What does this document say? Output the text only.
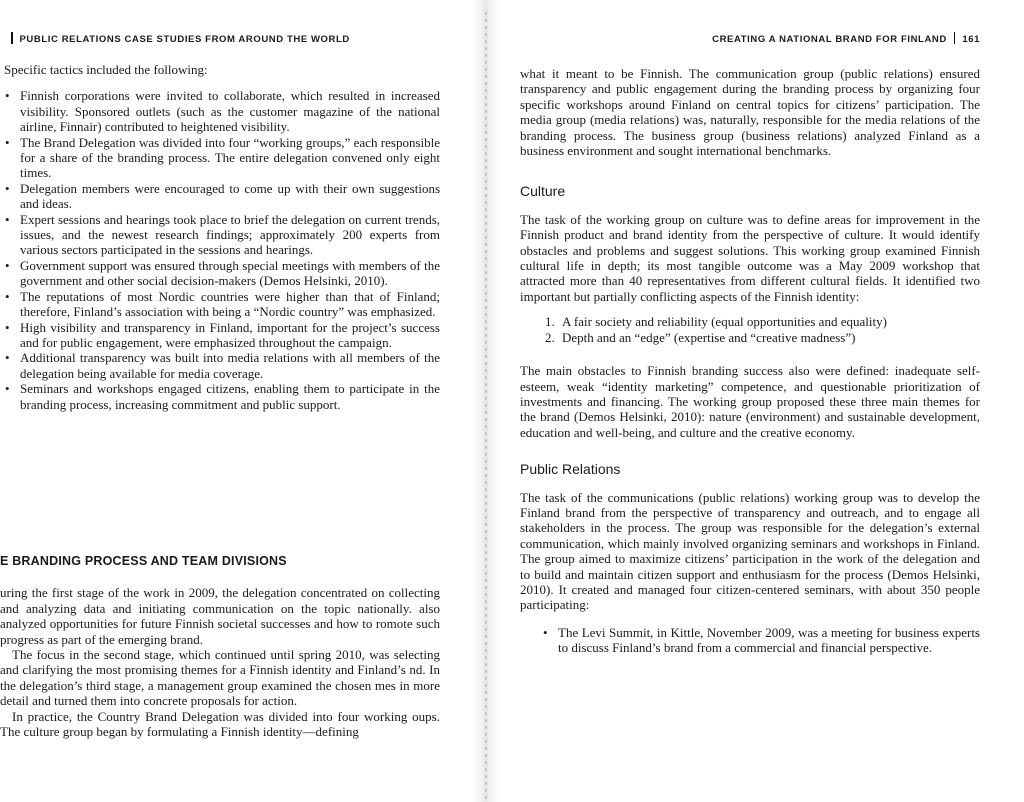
PUBLIC RELATIONS CASE STUDIES FROM AROUND THE WORLD

Specific tactics included the following:

• Finnish corporations were invited to collaborate, which resulted in increased visibility. Sponsored outlets (such as the customer magazine of the national airline, Finnair) contributed to heightened visibility.
• The Brand Delegation was divided into four “working groups,” each responsible for a share of the branding process. The entire delegation convened only eight times.
• Delegation members were encouraged to come up with their own suggestions and ideas.
• Expert sessions and hearings took place to brief the delegation on current trends, issues, and the newest research findings; approximately 200 experts from various sectors participated in the sessions and hearings.
• Government support was ensured through special meetings with members of the government and other social decision-makers (Demos Helsinki, 2010).
• The reputations of most Nordic countries were higher than that of Finland; therefore, Finland’s association with being a “Nordic country” was emphasized.
• High visibility and transparency in Finland, important for the project’s success and for public engagement, were emphasized throughout the campaign.
• Additional transparency was built into media relations with all members of the delegation being available for media coverage.
• Seminars and workshops engaged citizens, enabling them to participate in the branding process, increasing commitment and public support.
E BRANDING PROCESS AND TEAM DIVISIONS

uring the first stage of the work in 2009, the delegation concentrated on collecting and analyzing data and initiating communication on the topic nationally. also analyzed opportunities for future Finnish societal successes and how to romote such progress as part of the emerging brand.

The focus in the second stage, which continued until spring 2010, was selecting and clarifying the most promising themes for a Finnish identity and Finland’s nd. In the delegation’s third stage, a management group examined the chosen mes in more detail and turned them into concrete proposals for action.

In practice, the Country Brand Delegation was divided into four working oups. The culture group began by formulating a Finnish identity—defining

CREATING A NATIONAL BRAND FOR FINLAND 161

what it meant to be Finnish. The communication group (public relations) ensured transparency and public engagement during the branding process by organizing four specific workshops around Finland on central topics for citizens’ participation. The media group (media relations) was, naturally, responsible for the media relations of the branding process. The business group (business relations) analyzed Finland as a business environment and sought international benchmarks.

Culture

The task of the working group on culture was to define areas for improvement in the Finnish product and brand identity from the perspective of culture. It would identify obstacles and problems and suggest solutions. This working group examined Finnish cultural life in depth; its most tangible outcome was a May 2009 workshop that attracted more than 40 representatives from different cultural fields. It identified two important but partially conflicting aspects of the Finnish identity:

1. A fair society and reliability (equal opportunities and equality)
2. Depth and an “edge” (expertise and “creative madness”)

The main obstacles to Finnish branding success also were defined: inadequate self-esteem, weak “identity marketing” competence, and questionable prioritization of investments and financing. The working group proposed these three main themes for the brand (Demos Helsinki, 2010): nature (environment) and sustainable development, education and well-being, and culture and the creative economy.

Public Relations

The task of the communications (public relations) working group was to develop the Finland brand from the perspective of transparency and outreach, and to engage all stakeholders in the process. The group was responsible for the delegation’s external communication, which mainly involved organizing seminars and workshops in Finland. The group aimed to maximize citizens’ participation in the work of the delegation and to build and maintain citizen support and enthusiasm for the process (Demos Helsinki, 2010). It created and managed four citizen-centered seminars, with about 350 people participating:

• The Levi Summit, in Kittle, November 2009, was a meeting for business experts to discuss Finland’s brand from a commercial and financial perspective.
